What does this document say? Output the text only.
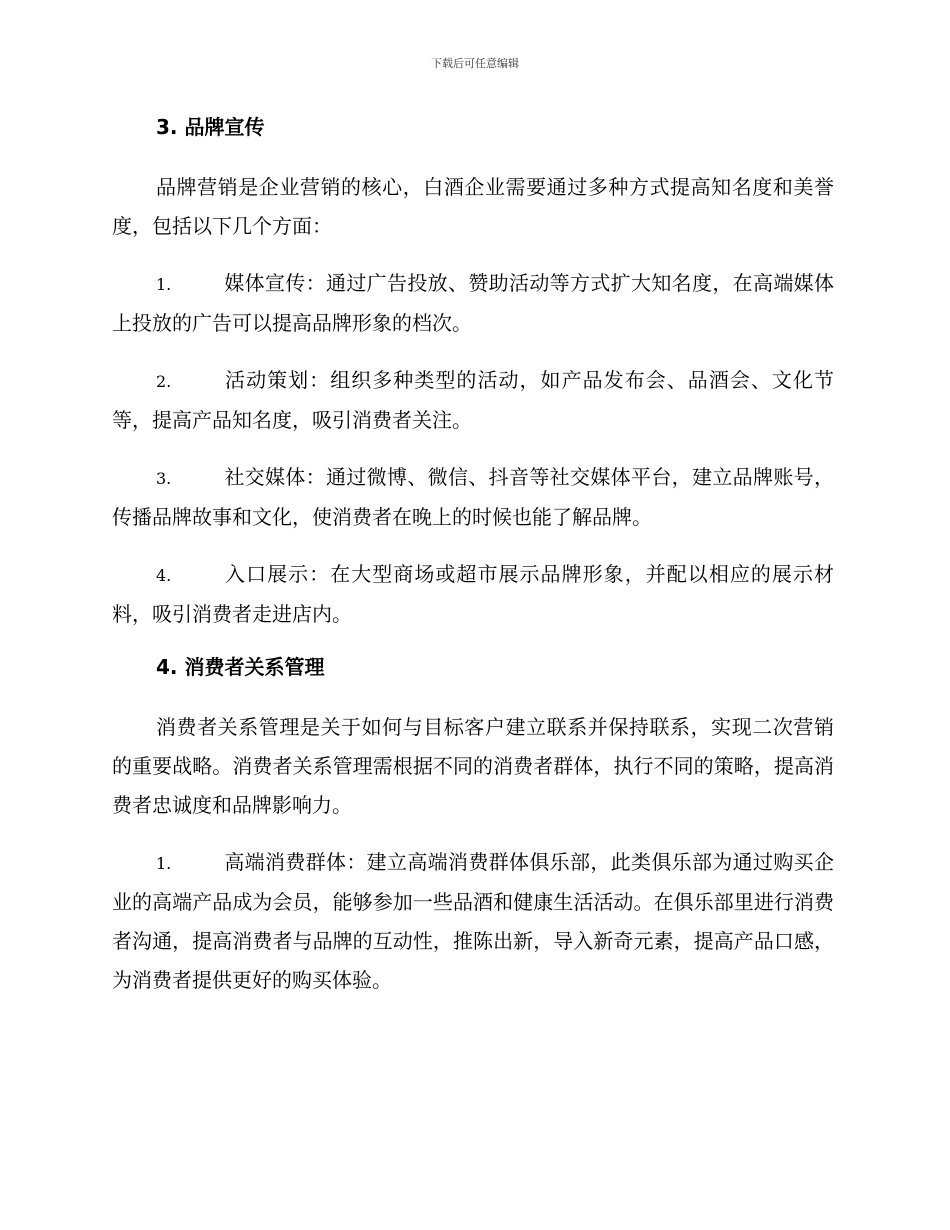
下载后可任意编辑
3. 品牌宣传

品牌营销是企业营销的核心，白酒企业需要通过多种方式提高知名度和美誉度，包括以下几个方面：

1.	媒体宣传：通过广告投放、赞助活动等方式扩大知名度，在高端媒体上投放的广告可以提高品牌形象的档次。

2.	活动策划：组织多种类型的活动，如产品发布会、品酒会、文化节等，提高产品知名度，吸引消费者关注。

3.	社交媒体：通过微博、微信、抖音等社交媒体平台，建立品牌账号，传播品牌故事和文化，使消费者在晚上的时候也能了解品牌。

4.	入口展示：在大型商场或超市展示品牌形象，并配以相应的展示材料，吸引消费者走进店内。

4. 消费者关系管理

消费者关系管理是关于如何与目标客户建立联系并保持联系，实现二次营销的重要战略。消费者关系管理需根据不同的消费者群体，执行不同的策略，提高消费者忠诚度和品牌影响力。

1.	高端消费群体：建立高端消费群体俱乐部，此类俱乐部为通过购买企业的高端产品成为会员，能够参加一些品酒和健康生活活动。在俱乐部里进行消费者沟通，提高消费者与品牌的互动性，推陈出新，导入新奇元素，提高产品口感，为消费者提供更好的购买体验。
